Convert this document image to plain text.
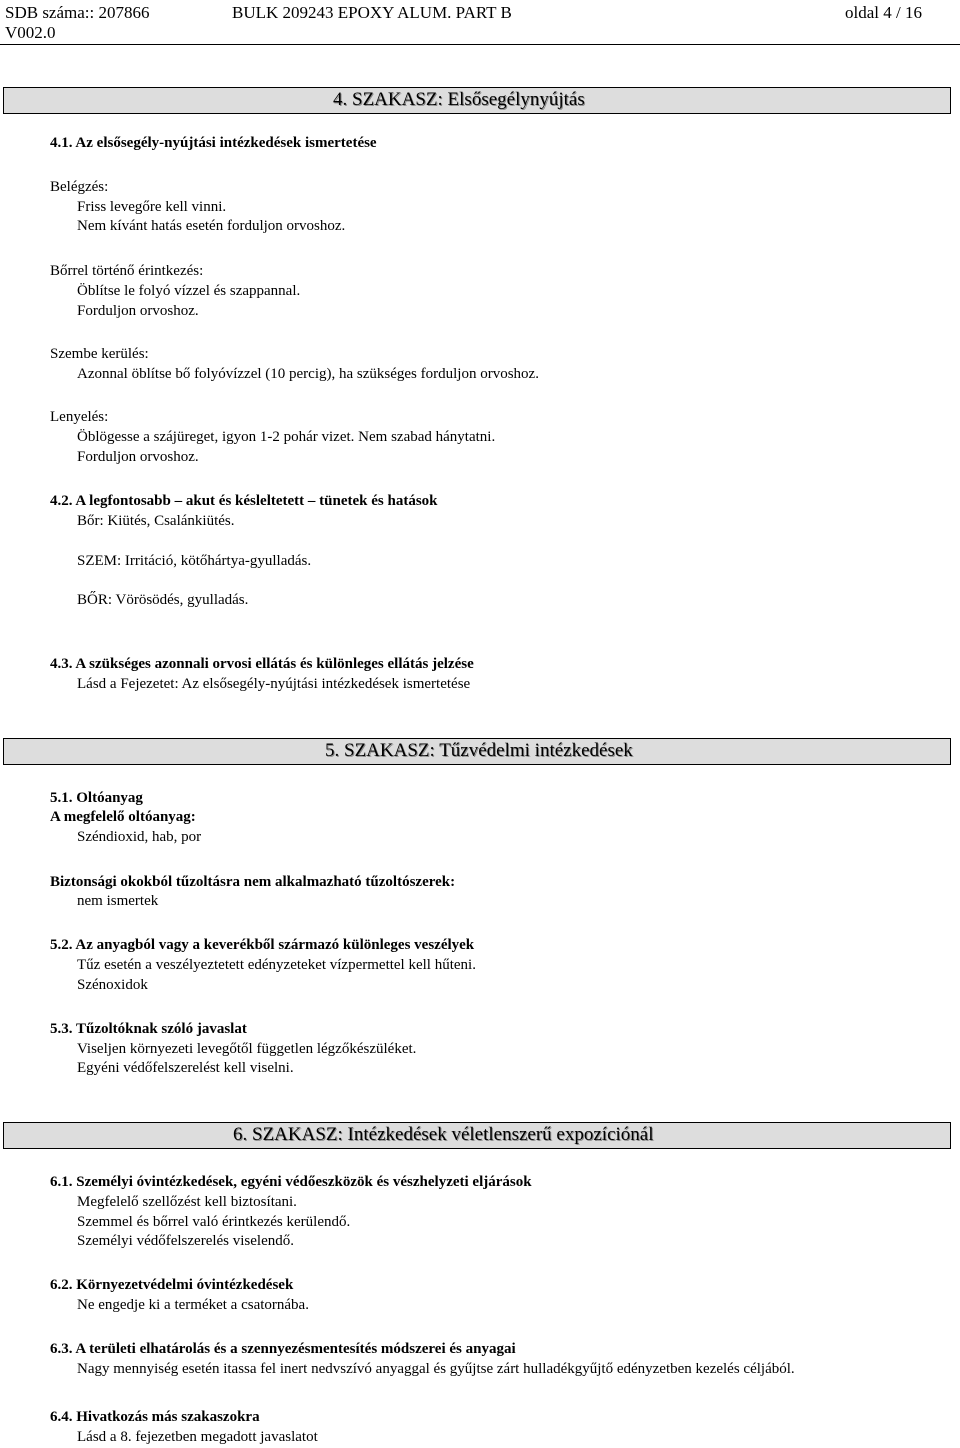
SDB száma:: 207866	BULK 209243 EPOXY ALUM. PART B	oldal 4 / 16
V002.0
4. SZAKASZ: Elsősegélynyújtás
4.1. Az elsősegély-nyújtási intézkedések ismertetése
Belégzés:
Friss levegőre kell vinni.
Nem kívánt hatás esetén forduljon orvoshoz.
Bőrrel történő érintkezés:
Öblítse le folyó vízzel és szappannal.
Forduljon orvoshoz.
Szembe kerülés:
Azonnal öblítse bő folyóvízzel (10 percig), ha szükséges forduljon orvoshoz.
Lenyelés:
Öblögesse a szájüreget, igyon 1-2 pohár vizet. Nem szabad hánytatni.
Forduljon orvoshoz.
4.2. A legfontosabb – akut és késleltetett – tünetek és hatások
Bőr: Kiütés, Csalánkiütés.
SZEM: Irritáció, kötőhártya-gyulladás.
BŐR: Vörösödés, gyulladás.
4.3. A szükséges azonnali orvosi ellátás és különleges ellátás jelzése
Lásd a Fejezetet: Az elsősegély-nyújtási intézkedések ismertetése
5. SZAKASZ: Tűzvédelmi intézkedések
5.1. Oltóanyag
A megfelelő oltóanyag:
Széndioxid, hab, por
Biztonsági okokból tűzoltásra nem alkalmazható tűzoltószerek:
nem ismertek
5.2. Az anyagból vagy a keverékből származó különleges veszélyek
Tűz esetén a veszélyeztetett edényzeteket vízpermettel kell hűteni.
Szénoxidok
5.3. Tűzoltóknak szóló javaslat
Viseljen környezeti levegőtől független légzőkészüléket.
Egyéni védőfelszerelést kell viselni.
6. SZAKASZ: Intézkedések véletlenszerű expozíciónál
6.1. Személyi óvintézkedések, egyéni védőeszközök és vészhelyzeti eljárások
Megfelelő szellőzést kell biztosítani.
Szemmel és bőrrel való érintkezés kerülendő.
Személyi védőfelszerelés viselendő.
6.2. Környezetvédelmi óvintézkedések
Ne engedje ki a terméket a csatornába.
6.3. A területi elhatárolás és a szennyezésmentesítés módszerei és anyagai
Nagy mennyiség esetén itassa fel inert nedvszívó anyaggal és gyűjtse zárt hulladékgyűjtő edényzetben kezelés céljából.
6.4. Hivatkozás más szakaszokra
Lásd a 8. fejezetben megadott javaslatot
